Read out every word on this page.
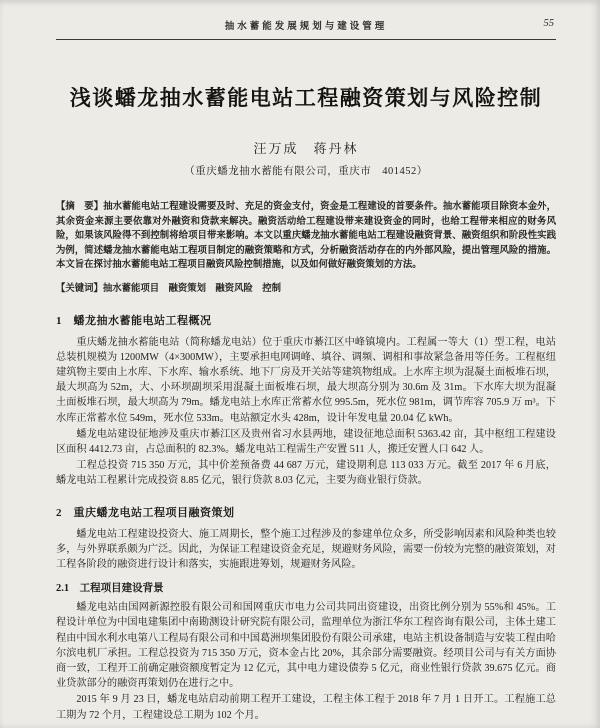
抽水蓄能发展规划与建设管理	55
浅谈蟠龙抽水蓄能电站工程融资策划与风险控制
汪万成　蒋丹林
（重庆蟠龙抽水蓄能有限公司，重庆市　401452）

【摘　要】抽水蓄能电站工程建设需要及时、充足的资金支付，资金是工程建设的首要条件。抽水蓄能项目除资本金外，其余资金来源主要依靠对外融资和贷款来解决。融资活动给工程建设带来建设资金的同时，也给工程带来相应的财务风险，如果该风险得不到控制将给项目带来影响。本文以重庆蟠龙抽水蓄能电站工程建设融资背景、融资组织和阶段性实践为例，简述蟠龙抽水蓄能电站工程项目制定的融资策略和方式，分析融资活动存在的内外部风险，提出管理风险的措施。本文旨在探讨抽水蓄能电站工程项目融资风险控制措施，以及如何做好融资策划的方法。

【关键词】抽水蓄能项目　融资策划　融资风险　控制

1　蟠龙抽水蓄能电站工程概况

重庆蟠龙抽水蓄能电站（简称蟠龙电站）位于重庆市綦江区中峰镇境内。工程属一等大（1）型工程，电站总装机规模为 1200MW（4×300MW），主要承担电网调峰、填谷、调频、调相和事故紧急备用等任务。工程枢纽建筑物主要由上水库、下水库、输水系统、地下厂房及开关站等建筑物组成。上水库主坝为混凝土面板堆石坝，最大坝高为 52m，大、小环坝副坝采用混凝土面板堆石坝，最大坝高分别为 30.6m 及 31m。下水库大坝为混凝土面板堆石坝，最大坝高为 79m。蟠龙电站上水库正常蓄水位 995.5m，死水位 981m，调节库容 705.9 万 m³。下水库正常蓄水位 549m，死水位 533m。电站额定水头 428m，设计年发电量 20.04 亿 kWh。

蟠龙电站建设征地涉及重庆市綦江区及贵州省习水县两地，建设征地总面积 5363.42 亩，其中枢纽工程建设区面积 4412.73 亩，占总面积的 82.3%。蟠龙电站工程需生产安置 511 人，搬迁安置人口 642 人。

工程总投资 715 350 万元，其中价差预备费 44 687 万元，建设期利息 113 033 万元。截至 2017 年 6 月底，蟠龙电站工程累计完成投资 8.85 亿元，银行贷款 8.03 亿元，主要为商业银行贷款。

2　重庆蟠龙电站工程项目融资策划

蟠龙电站工程建设投资大、施工周期长，整个施工过程涉及的参建单位众多，所受影响因素和风险种类也较多，与外界联系颇为广泛。因此，为保证工程建设资金充足，规避财务风险，需要一份较为完整的融资策划，对工程各阶段的融资进行设计和落实，实施跟进筹划，规避财务风险。

2.1　工程项目建设背景

蟠龙电站由国网新源控股有限公司和国网重庆市电力公司共同出资建设，出资比例分别为 55%和 45%。工程设计单位为中国电建集团中南勘测设计研究院有限公司，监理单位为浙江华东工程咨询有限公司，主体土建工程由中国水利水电第八工程局有限公司和中国葛洲坝集团股份有限公司承建，电站主机设备制造与安装工程由哈尔滨电机厂承担。工程总投资为 715 350 万元，资本金占比 20%，其余部分需要融资。经项目公司与有关方面协商一致，工程开工前确定融资额度暂定为 12 亿元，其中电力建设债券 5 亿元，商业性银行贷款 39.675 亿元。商业贷款部分的融资再策划仍在进行之中。

2015 年 9 月 23 日，蟠龙电站启动前期工程开工建设，工程主体工程于 2018 年 7 月 1 日开工。工程施工总工期为 72 个月，工程建设总工期为 102 个月。
